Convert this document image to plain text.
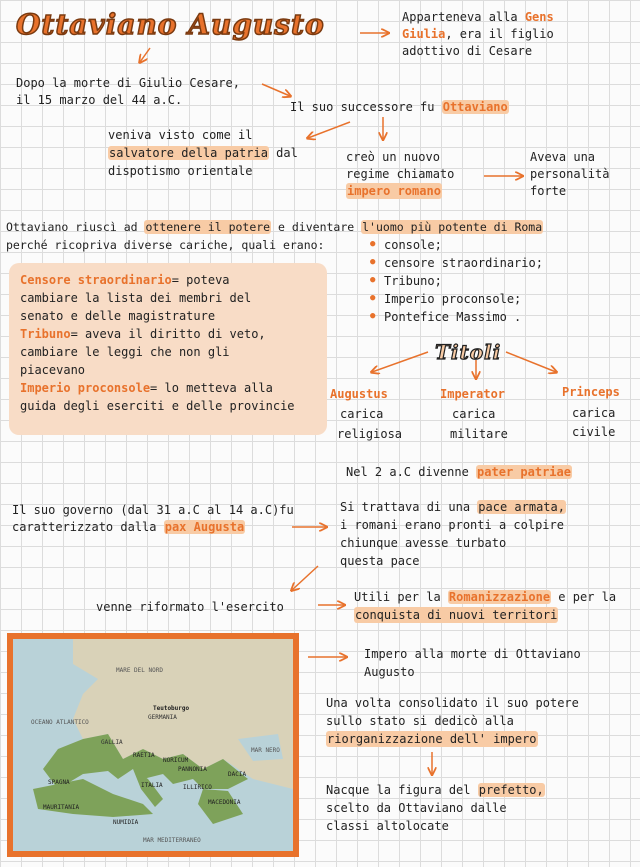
Ottaviano Augusto	Apparteneva alla Gens
Giulia, era il figlio
adottivo di Cesare
Dopo la morte di Giulio Cesare,
il 15 marzo del 44 a.C.	Il suo successore fu Ottaviano
veniva visto come il
salvatore della patria dal
dispotismo orientale
creò un nuovo
regime chiamato
impero romano
Aveva una
personalità
forte
Ottaviano riuscì ad ottenere il potere e diventare l'uomo più potente di Roma
perché ricopriva diverse cariche, quali erano:	●
●
●
●
●
console;
censore straordinario;
Tribuno;
Imperio proconsole;
Pontefice Massimo .
Censore straordinario= poteva
cambiare la lista dei membri del
senato e delle magistrature
Tribuno= aveva il diritto di veto,
cambiare le leggi che non gli
piacevano
Imperio proconsole= lo metteva alla
guida degli eserciti e delle provincie
Titoli
Augustus
carica
religiosa
Imperator
carica
militare
Princeps
carica
civile
Nel 2 a.C divenne pater patriae
Il suo governo (dal 31 a.C al 14 a.C)fu
caratterizzato dalla pax Augusta
Si trattava di una pace armata,
i romani erano pronti a colpire
chiunque avesse turbato
questa pace
venne riformato l'esercito
Utili per la Romanizzazione e per la
conquista di nuovi territori
MARE DEL NORD
OCEANO ATLANTICO
GALLIA
GERMANIA
Teutoburgo
RAETIA
NORICUM
PANNONIA
DACIA
ILLIRICO
ITALIA
SPAGNA
MAURITANIA
NUMIDIA
MAR NERO
MACEDONIA
MAR MEDITERRANEO
Impero alla morte di Ottaviano
Augusto
Una volta consolidato il suo potere
sullo stato si dedicò alla
riorganizzazione dell' impero
Nacque la figura del prefetto,
scelto da Ottaviano dalle
classi altolocate
